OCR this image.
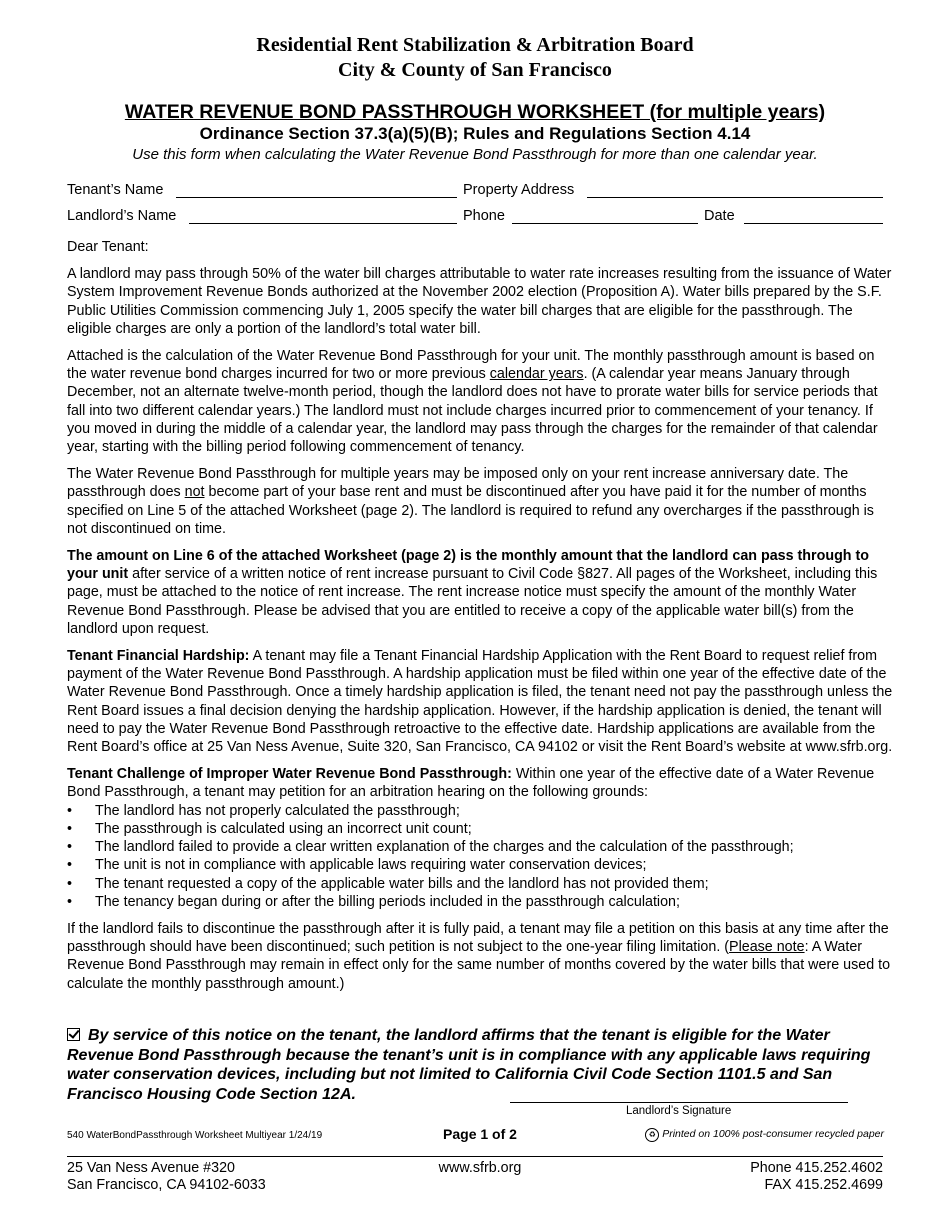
Residential Rent Stabilization & Arbitration Board
City & County of San Francisco
WATER REVENUE BOND PASSTHROUGH WORKSHEET (for multiple years)
Ordinance Section 37.3(a)(5)(B); Rules and Regulations Section 4.14
Use this form when calculating the Water Revenue Bond Passthrough for more than one calendar year.
Tenant’s Name	Property Address
Landlord’s Name	Phone	Date

Dear Tenant:

A landlord may pass through 50% of the water bill charges attributable to water rate increases resulting from the issuance of Water System Improvement Revenue Bonds authorized at the November 2002 election (Proposition A). Water bills prepared by the S.F. Public Utilities Commission commencing July 1, 2005 specify the water bill charges that are eligible for the passthrough. The eligible charges are only a portion of the landlord’s total water bill.

Attached is the calculation of the Water Revenue Bond Passthrough for your unit. The monthly passthrough amount is based on the water revenue bond charges incurred for two or more previous calendar years. (A calendar year means January through December, not an alternate twelve-month period, though the landlord does not have to prorate water bills for service periods that fall into two different calendar years.) The landlord must not include charges incurred prior to commencement of your tenancy. If you moved in during the middle of a calendar year, the landlord may pass through the charges for the remainder of that calendar year, starting with the billing period following commencement of tenancy.

The Water Revenue Bond Passthrough for multiple years may be imposed only on your rent increase anniversary date. The passthrough does not become part of your base rent and must be discontinued after you have paid it for the number of months specified on Line 5 of the attached Worksheet (page 2). The landlord is required to refund any overcharges if the passthrough is not discontinued on time.

The amount on Line 6 of the attached Worksheet (page 2) is the monthly amount that the landlord can pass through to your unit after service of a written notice of rent increase pursuant to Civil Code §827. All pages of the Worksheet, including this page, must be attached to the notice of rent increase. The rent increase notice must specify the amount of the monthly Water Revenue Bond Passthrough. Please be advised that you are entitled to receive a copy of the applicable water bill(s) from the landlord upon request.

Tenant Financial Hardship: A tenant may file a Tenant Financial Hardship Application with the Rent Board to request relief from payment of the Water Revenue Bond Passthrough. A hardship application must be filed within one year of the effective date of the Water Revenue Bond Passthrough. Once a timely hardship application is filed, the tenant need not pay the passthrough unless the Rent Board issues a final decision denying the hardship application. However, if the hardship application is denied, the tenant will need to pay the Water Revenue Bond Passthrough retroactive to the effective date. Hardship applications are available from the Rent Board’s office at 25 Van Ness Avenue, Suite 320, San Francisco, CA 94102 or visit the Rent Board’s website at www.sfrb.org.

Tenant Challenge of Improper Water Revenue Bond Passthrough: Within one year of the effective date of a Water Revenue Bond Passthrough, a tenant may petition for an arbitration hearing on the following grounds:

• The landlord has not properly calculated the passthrough;
• The passthrough is calculated using an incorrect unit count;
• The landlord failed to provide a clear written explanation of the charges and the calculation of the passthrough;
• The unit is not in compliance with applicable laws requiring water conservation devices;
• The tenant requested a copy of the applicable water bills and the landlord has not provided them;
• The tenancy began during or after the billing periods included in the passthrough calculation;

If the landlord fails to discontinue the passthrough after it is fully paid, a tenant may file a petition on this basis at any time after the passthrough should have been discontinued; such petition is not subject to the one-year filing limitation. (Please note: A Water Revenue Bond Passthrough may remain in effect only for the same number of months covered by the water bills that were used to calculate the monthly passthrough amount.)

By service of this notice on the tenant, the landlord affirms that the tenant is eligible for the Water Revenue Bond Passthrough because the tenant’s unit is in compliance with any applicable laws requiring water conservation devices, including but not limited to California Civil Code Section 1101.5 and San Francisco Housing Code Section 12A.
Landlord’s Signature
540 WaterBondPassthrough Worksheet Multiyear 1/24/19	Page 1 of 2	♻ Printed on 100% post-consumer recycled paper
25 Van Ness Avenue #320
San Francisco, CA 94102-6033
www.sfrb.org	Phone 415.252.4602
FAX 415.252.4699
